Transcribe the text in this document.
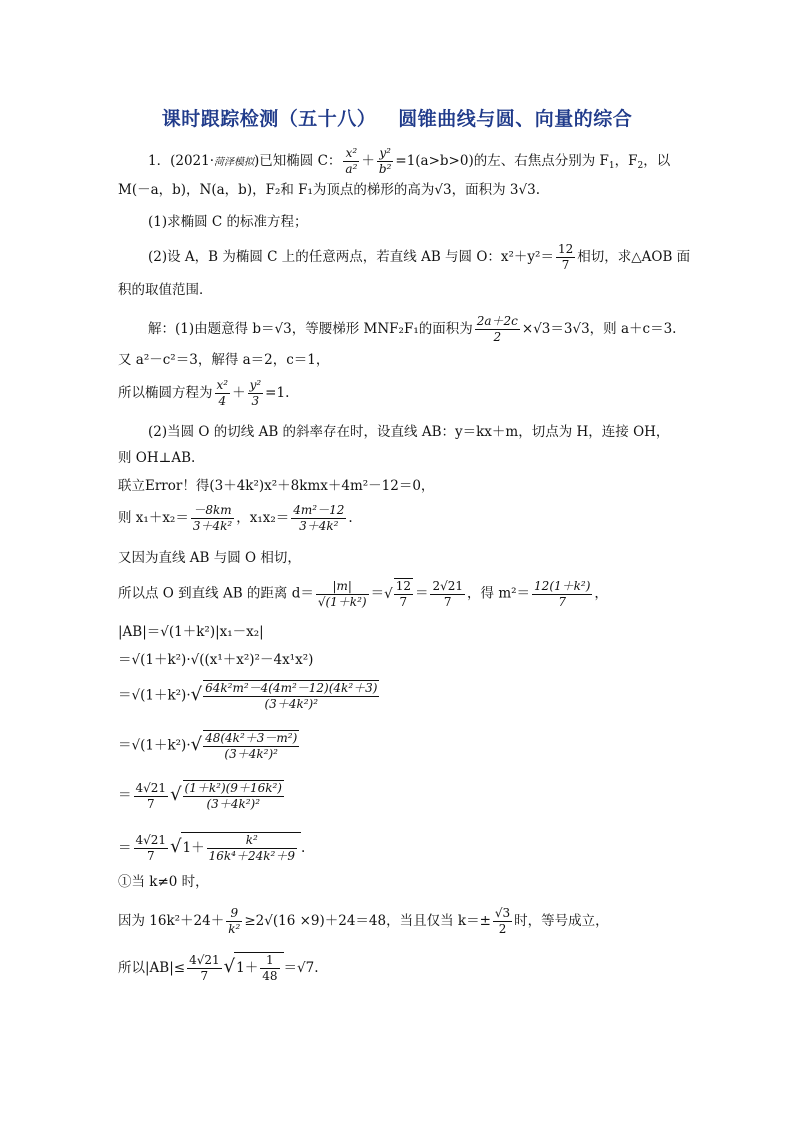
课时跟踪检测（五十八） 圆锥曲线与圆、向量的综合
1．(2021·菏泽模拟)已知椭圆 C： $\frac{\text{x²}}{\text{a²}} + \frac{\text{y²}}{\text{b²}} =1(a>b>0)$的左、右焦点分别为 $F_1$，$F_2$，以
M(－a，b)，N(a，b)，F₂和 F₁为顶点的梯形的高为√3，面积为 3√3.
(1)求椭圆 C 的标准方程；
(2)设 A，B 为椭圆 C 上的任意两点，若直线 AB 与圆 O：$x^2+y^2= \frac{12}{7}$ 相切，求△AOB 面
积的取值范围．
解：(1)由题意得 b＝√3，等腰梯形 MNF₂F₁的面积为 $\frac{2a+2c}{2} \times√3=3√3$，则 a＋c＝3.
又 a²－c²＝3，解得 a＝2，c＝1，
所以椭圆方程为 $\frac{\text{x²}}{4} + \frac{\text{y²}}{3} =1$.
(2)当圆 O 的切线 AB 的斜率存在时，设直线 AB：y＝kx＋m，切点为 H，连接 OH，
则 OH⊥AB.
联立Error！得(3＋4k²)x²＋8kmx＋4m²－12＝0，
则 $x_1+x_2= \frac{-8km}{\text{3＋4k²}}$ ，$x_1x_2= \frac{\text{4m²－12}}{\text{3＋4k²}}$ .
又因为直线 AB 与圆 O 相切，
所以点 O 到直线 AB 的距离 $d= \frac{|m|}{\text{√(1＋k²)}}$ ＝√ $\frac{12}{7} = \frac{2√21}{7}$ ，得 $m^2= \frac{\text{12(1＋k²)}}{7}$ ，
|AB|＝√(1＋k²)|x₁－x₂|
＝√(1＋k²)·√((x¹＋x²)²－4x¹x²)
$=√(1+k^2)\cdot√ \frac{\text{64k²m²－4(4m²－12)(4k²＋3)}}{\text{(3＋4k²)²}}$
$=√(1+k^2)\cdot√ \frac{\text{48(4k²＋3－m²)}}{\text{(3＋4k²)²}}$
＝ $\frac{4√21}{7}$ √ $\frac{\text{(1＋k²)(9＋16k²)}}{\text{(3＋4k²)²}}$
＝ $\frac{4√21}{7} √1+ \frac{\text{k²}}{\text{16k⁴＋24k²＋9}}$ .
①当 k≠0 时，
因为 $16k^2+24+ \frac{9}{\text{k²}} \ge 2√(16 \times 9)+24=48$，当且仅当 $k=\pm \frac{√3}{2}$ 时，等号成立，
所以$|AB|\le \frac{4√21}{7} √1+ \frac{1}{48} =√7$.
